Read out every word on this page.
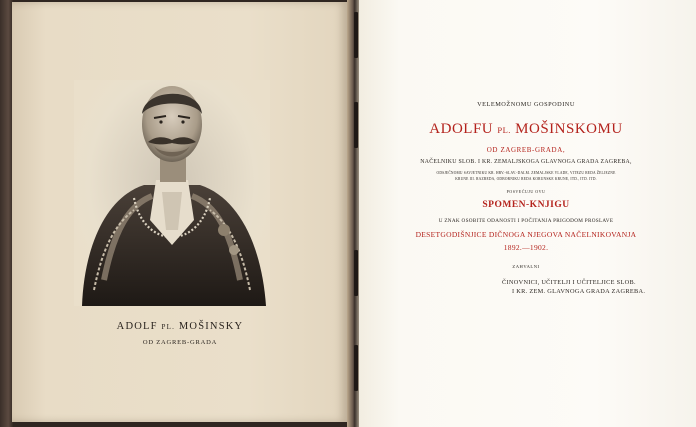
ADOLF PL. MOŠINSKY
OD ZAGREB-GRADA
VELEMOŽNOMU GOSPODINU
ADOLFU PL. MOŠINSKOMU
OD ZAGREB-GRADA,
NAČELNIKU SLOB. I KR. ZEMALJSKOGA GLAVNOGA GRADA ZAGREBA,
ODSJEČNOMU SAVJETNIKU KR. HRV.-SLAV.-DALM. ZEMALJSKE VLADE, VITEZU REDA ŽELJEZNE
KRUNE III. RAZREDA, ODBORNIKU REDA KORUNSKE KRUNE, ITD., ITD. ITD.
POSVEĆUJU OVU
SPOMEN-KNJIGU
U ZNAK OSOBITE ODANOSTI I POČITANJA PRIGODOM PROSLAVE
DESETGODIŠNJICE DIČNOGA NJEGOVA NAČELNIKOVANJA
1892.—1902.
ZAHVALNI
ČINOVNICI, UČITELJI I UČITELJICE SLOB.
I KR. ZEM. GLAVNOGA GRADA ZAGREBA.
